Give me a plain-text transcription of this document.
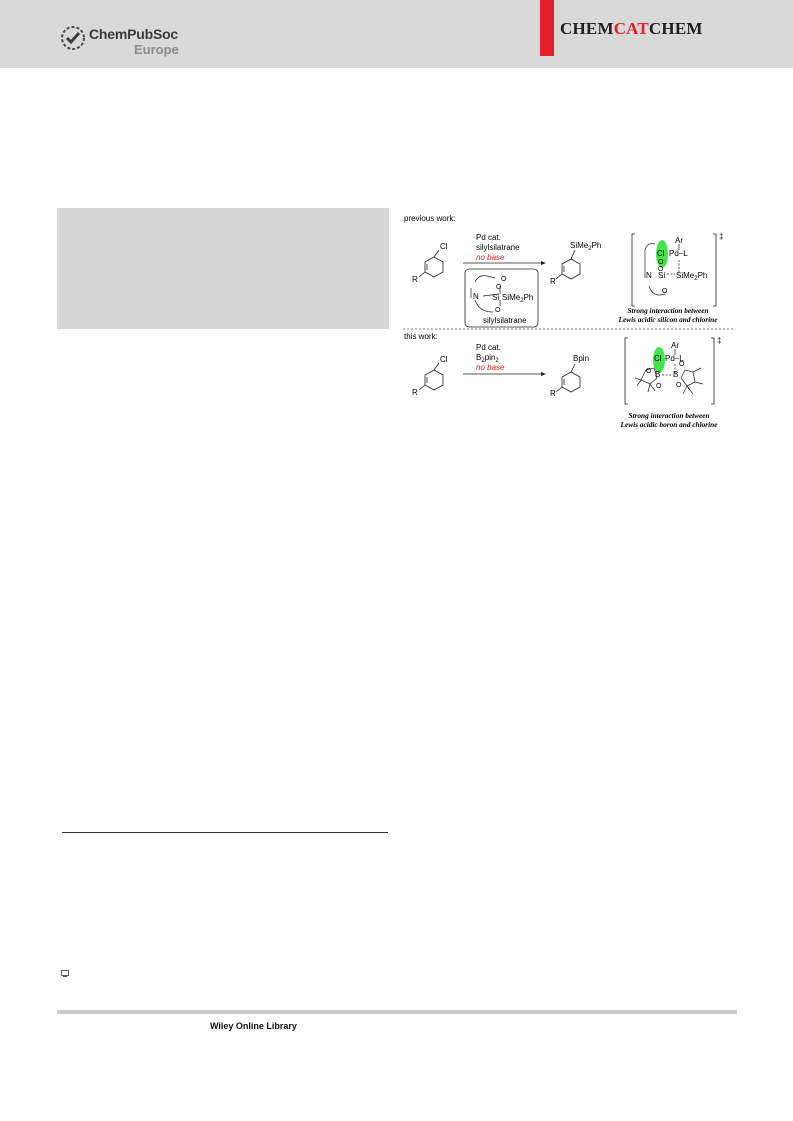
ChemPubSoc
Europe
CHEMCATCHEM
previous work:
Cl
R
Pd cat.
silylsilatrane
no base
O
O
N Si SiMe$_2$Ph
O
silylsilatrane
SiMe$_2$Ph
R
‡
Ar
Cl Pd–L
O
O
N Si SiMe$_2$Ph
O
Strong interaction between
Lewis acidic silicon and chlorine
this work:
Cl
R
Pd cat.
$B_2pin_2$
no base
Bpin
R
‡
Ar
Cl Pd–L
B B
O
O
O
O
Strong interaction between
Lewis acidic boron and chlorine
Wiley Online Library
